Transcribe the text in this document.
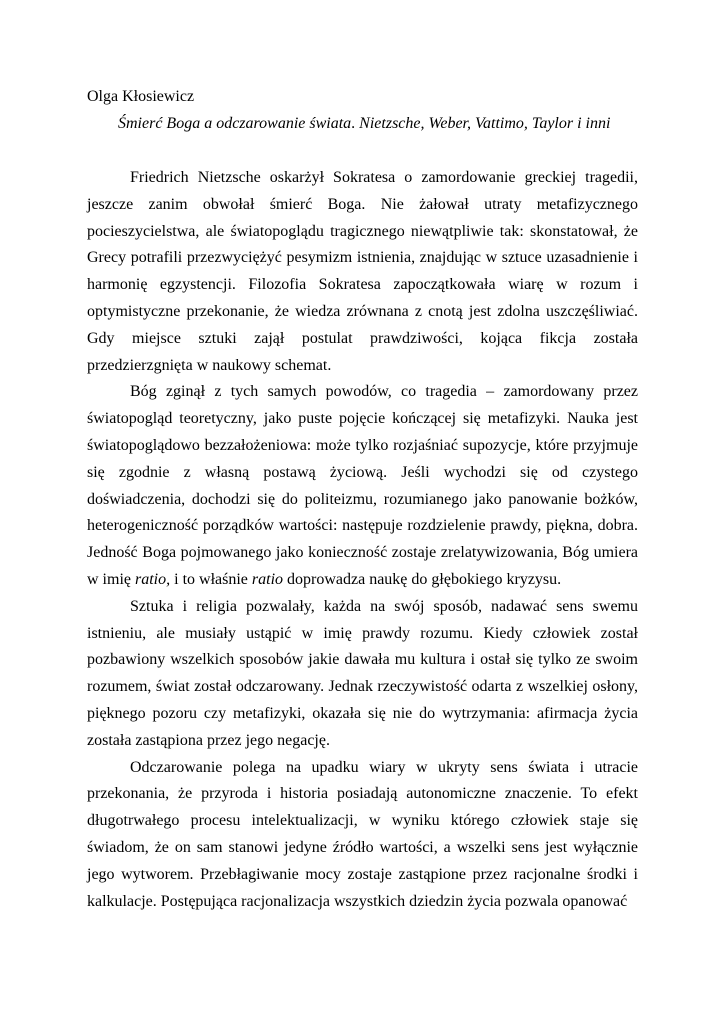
Olga Kłosiewicz
Śmierć Boga a odczarowanie świata. Nietzsche, Weber, Vattimo, Taylor i inni

Friedrich Nietzsche oskarżył Sokratesa o zamordowanie greckiej tragedii, jeszcze zanim obwołał śmierć Boga. Nie żałował utraty metafizycznego pocieszycielstwa, ale światopoglądu tragicznego niewątpliwie tak: skonstatował, że Grecy potrafili przezwyciężyć pesymizm istnienia, znajdując w sztuce uzasadnienie i harmonię egzystencji. Filozofia Sokratesa zapoczątkowała wiarę w rozum i optymistyczne przekonanie, że wiedza zrównana z cnotą jest zdolna uszczęśliwiać. Gdy miejsce sztuki zajął postulat prawdziwości, kojąca fikcja została przedzierzgnięta w naukowy schemat.

Bóg zginął z tych samych powodów, co tragedia – zamordowany przez światopogląd teoretyczny, jako puste pojęcie kończącej się metafizyki. Nauka jest światopoglądowo bezzałożeniowa: może tylko rozjaśniać supozycje, które przyjmuje się zgodnie z własną postawą życiową. Jeśli wychodzi się od czystego doświadczenia, dochodzi się do politeizmu, rozumianego jako panowanie bożków, heterogeniczność porządków wartości: następuje rozdzielenie prawdy, piękna, dobra. Jedność Boga pojmowanego jako konieczność zostaje zrelatywizowania, Bóg umiera w imię ratio, i to właśnie ratio doprowadza naukę do głębokiego kryzysu.

Sztuka i religia pozwalały, każda na swój sposób, nadawać sens swemu istnieniu, ale musiały ustąpić w imię prawdy rozumu. Kiedy człowiek został pozbawiony wszelkich sposobów jakie dawała mu kultura i ostał się tylko ze swoim rozumem, świat został odczarowany. Jednak rzeczywistość odarta z wszelkiej osłony, pięknego pozoru czy metafizyki, okazała się nie do wytrzymania: afirmacja życia została zastąpiona przez jego negację.

Odczarowanie polega na upadku wiary w ukryty sens świata i utracie przekonania, że przyroda i historia posiadają autonomiczne znaczenie. To efekt długotrwałego procesu intelektualizacji, w wyniku którego człowiek staje się świadom, że on sam stanowi jedyne źródło wartości, a wszelki sens jest wyłącznie jego wytworem. Przebłagiwanie mocy zostaje zastąpione przez racjonalne środki i kalkulacje. Postępująca racjonalizacja wszystkich dziedzin życia pozwala opanować
